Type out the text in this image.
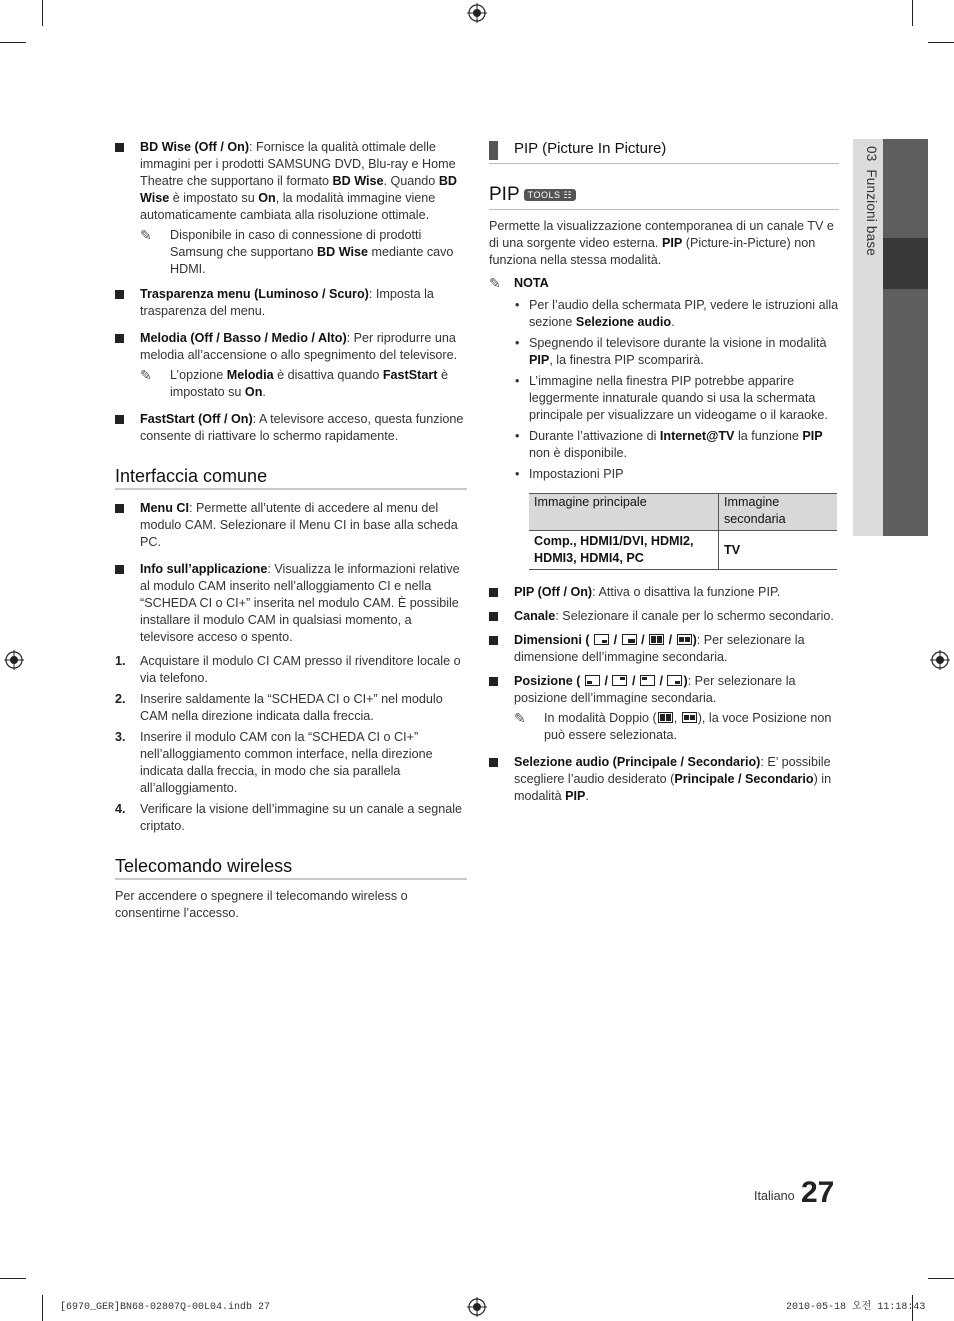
03  Funzioni base
BD Wise (Off / On): Fornisce la qualità ottimale delle immagini per i prodotti SAMSUNG DVD, Blu-ray e Home Theatre che supportano il formato BD Wise. Quando BD Wise è impostato su On, la modalità immagine viene automaticamente cambiata alla risoluzione ottimale.
✎ Disponibile in caso di connessione di prodotti Samsung che supportano BD Wise mediante cavo HDMI.
Trasparenza menu (Luminoso / Scuro): Imposta la trasparenza del menu.
Melodia (Off / Basso / Medio / Alto): Per riprodurre una melodia all’accensione o allo spegnimento del televisore.
✎ L’opzione Melodia è disattiva quando FastStart è impostato su On.
FastStart (Off / On): A televisore acceso, questa funzione consente di riattivare lo schermo rapidamente.
Interfaccia comune
Menu CI: Permette all’utente di accedere al menu del modulo CAM. Selezionare il Menu CI in base alla scheda PC.
Info sull’applicazione: Visualizza le informazioni relative al modulo CAM inserito nell’alloggiamento CI e nella “SCHEDA CI o CI+” inserita nel modulo CAM. È possibile installare il modulo CAM in qualsiasi momento, a televisore acceso o spento.
1. Acquistare il modulo CI CAM presso il rivenditore locale o via telefono.
2. Inserire saldamente la “SCHEDA CI o CI+” nel modulo CAM nella direzione indicata dalla freccia.
3. Inserire il modulo CAM con la “SCHEDA CI o CI+” nell’alloggiamento common interface, nella direzione indicata dalla freccia, in modo che sia parallela all’alloggiamento.
4. Verificare la visione dell’immagine su un canale a segnale criptato.
Telecomando wireless
Per accendere o spegnere il telecomando wireless o consentirne l’accesso.
PIP (Picture In Picture)
PIP TOOLS ☷
Permette la visualizzazione contemporanea di un canale TV e di una sorgente video esterna. PIP (Picture-in-Picture) non funziona nella stessa modalità.
✎ NOTA
• Per l’audio della schermata PIP, vedere le istruzioni alla sezione Selezione audio.
• Spegnendo il televisore durante la visione in modalità PIP, la finestra PIP scomparirà.
• L’immagine nella finestra PIP potrebbe apparire leggermente innaturale quando si usa la schermata principale per visualizzare un videogame o il karaoke.
• Durante l’attivazione di Internet@TV la funzione PIP non è disponibile.
• Impostazioni PIP
Immagine principale	Immagine secondaria
Comp., HDMI1/DVI, HDMI2, HDMI3, HDMI4, PC	TV
PIP (Off / On): Attiva o disattiva la funzione PIP.
Canale: Selezionare il canale per lo schermo secondario.
Dimensioni ( / / / ): Per selezionare la dimensione dell’immagine secondaria.
Posizione ( / / / ): Per selezionare la posizione dell’immagine secondaria.
✎ In modalità Doppio ( , ), la voce Posizione non può essere selezionata.
Selezione audio (Principale / Secondario): E’ possibile scegliere l’audio desiderato (Principale / Secondario) in modalità PIP.
Italiano 27
[6970_GER]BN68-02807Q-00L04.indb 27	2010-05-18 오전 11:18:43
